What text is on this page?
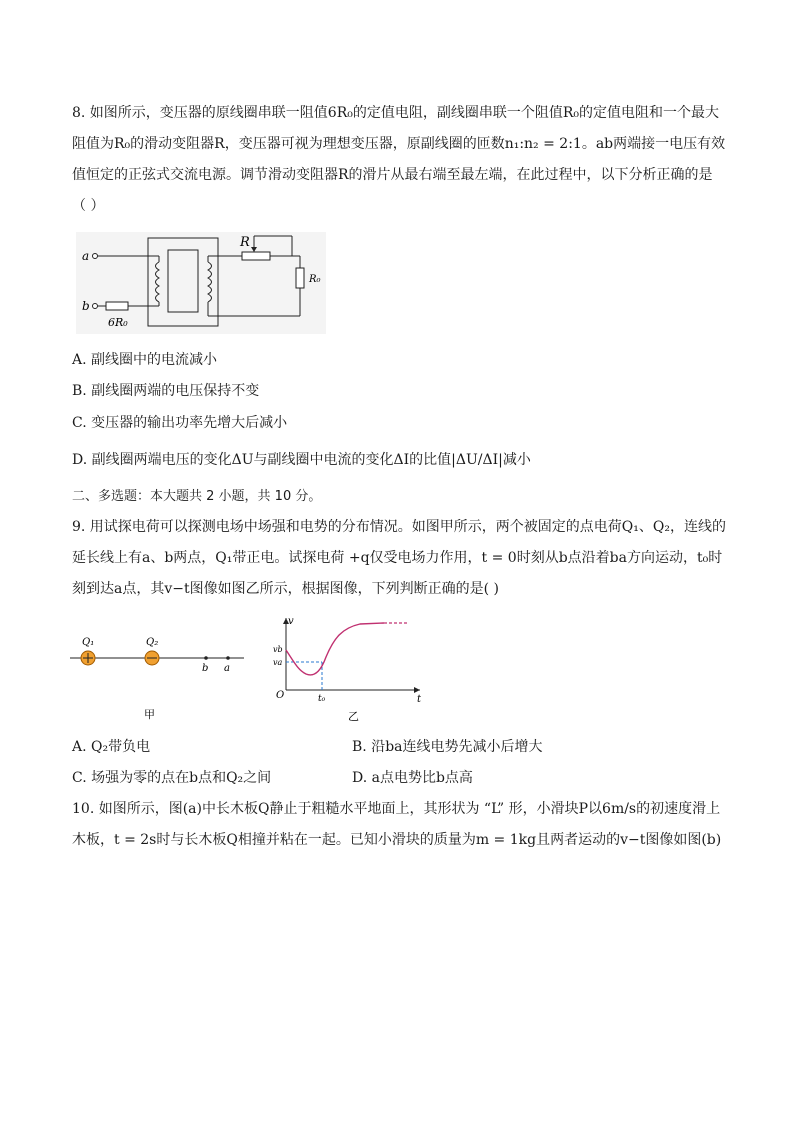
8. 如图所示，变压器的原线圈串联一阻值6R₀的定值电阻，副线圈串联一个阻值R₀的定值电阻和一个最大
阻值为R₀的滑动变阻器R，变压器可视为理想变压器，原副线圈的匝数n₁:n₂ = 2:1。ab两端接一电压有效
值恒定的正弦式交流电源。调节滑动变阻器R的滑片从最右端至最左端，在此过程中，以下分析正确的是
（ ）
a
b
6R₀
R
R₀
A. 副线圈中的电流减小
B. 副线圈两端的电压保持不变
C. 变压器的输出功率先增大后减小
D. 副线圈两端电压的变化ΔU与副线圈中电流的变化ΔI的比值|ΔU/ΔI|减小
二、多选题：本大题共 2 小题，共 10 分。
9. 用试探电荷可以探测电场中场强和电势的分布情况。如图甲所示，两个被固定的点电荷Q₁、Q₂，连线的
延长线上有a、b两点，Q₁带正电。试探电荷 +q仅受电场力作用，t = 0时刻从b点沿着ba方向运动，t₀时
刻到达a点，其v−t图像如图乙所示，根据图像，下列判断正确的是( )
Q₁	Q₂
b a
甲
v
vb
va
O	t₀	t
乙
A. Q₂带负电	B. 沿ba连线电势先减小后增大
C. 场强为零的点在b点和Q₂之间	D. a点电势比b点高
10. 如图所示，图(a)中长木板Q静止于粗糙水平地面上，其形状为 “L” 形，小滑块P以6m/s的初速度滑上
木板，t = 2s时与长木板Q相撞并粘在一起。已知小滑块的质量为m = 1kg且两者运动的v−t图像如图(b)
